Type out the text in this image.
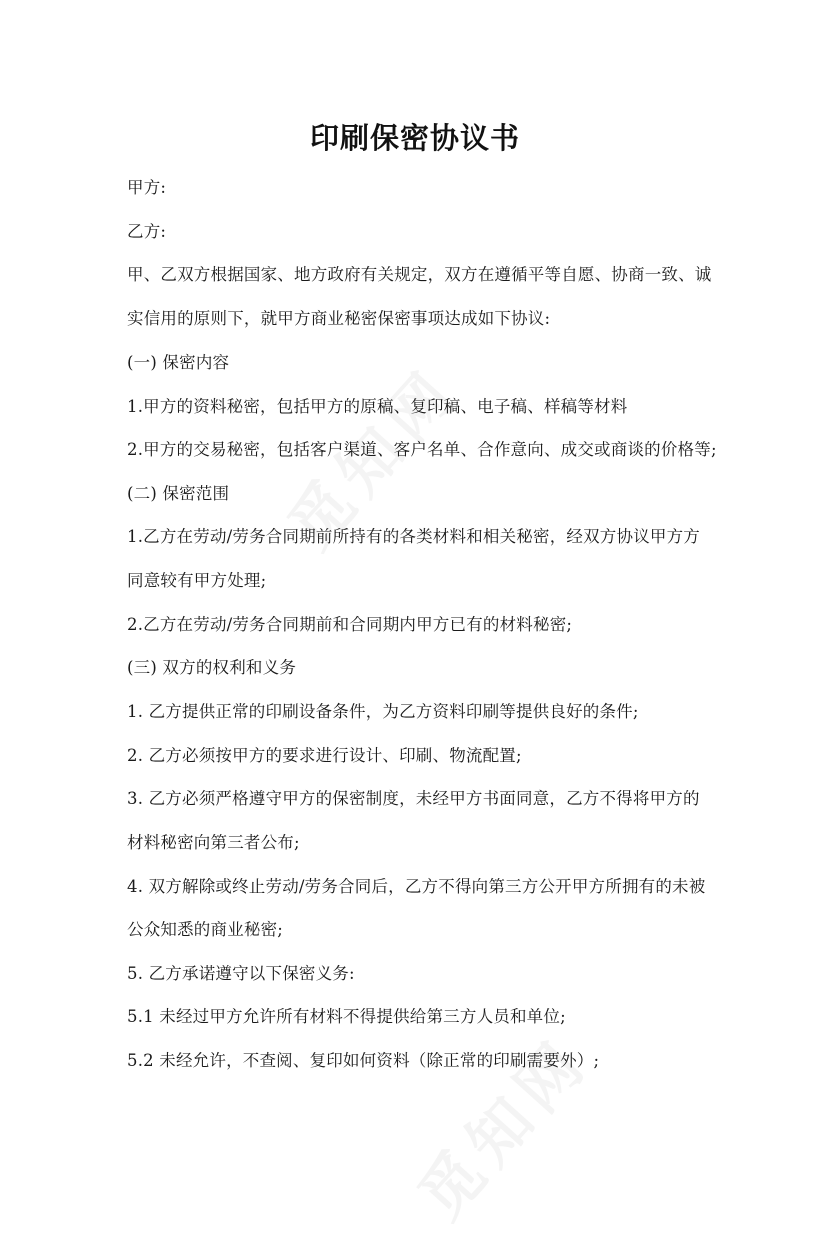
印刷保密协议书
甲方:
乙方:
甲、乙双方根据国家、地方政府有关规定，双方在遵循平等自愿、协商一致、诚
实信用的原则下，就甲方商业秘密保密事项达成如下协议:
(一) 保密内容
1.甲方的资料秘密，包括甲方的原稿、复印稿、电子稿、样稿等材料
2.甲方的交易秘密，包括客户渠道、客户名单、合作意向、成交或商谈的价格等;
(二) 保密范围
1.乙方在劳动/劳务合同期前所持有的各类材料和相关秘密，经双方协议甲方方
同意较有甲方处理;
2.乙方在劳动/劳务合同期前和合同期内甲方已有的材料秘密;
(三) 双方的权利和义务
1. 乙方提供正常的印刷设备条件，为乙方资料印刷等提供良好的条件;
2. 乙方必须按甲方的要求进行设计、印刷、物流配置;
3. 乙方必须严格遵守甲方的保密制度，未经甲方书面同意，乙方不得将甲方的
材料秘密向第三者公布;
4. 双方解除或终止劳动/劳务合同后，乙方不得向第三方公开甲方所拥有的未被
公众知悉的商业秘密;
5. 乙方承诺遵守以下保密义务:
5.1 未经过甲方允许所有材料不得提供给第三方人员和单位;
5.2 未经允许，不查阅、复印如何资料（除正常的印刷需要外）;
